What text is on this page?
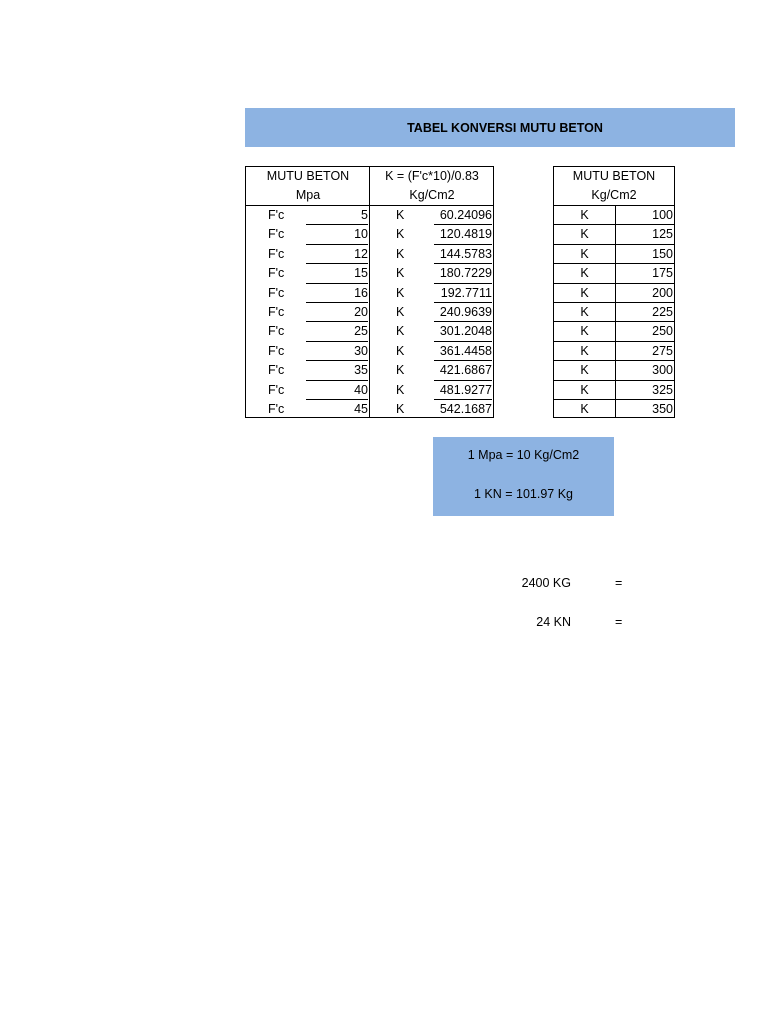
TABEL KONVERSI MUTU BETON
MUTU BETON
Mpa
K = (F'c*10)/0.83
Kg/Cm2
F'c	5 K	60.24096
F'c	10 K	120.4819
F'c	12 K	144.5783
F'c	15 K	180.7229
F'c	16 K	192.7711
F'c	20 K	240.9639
F'c	25 K	301.2048
F'c	30 K	361.4458
F'c	35 K	421.6867
F'c	40 K	481.9277
F'c	45 K	542.1687
MUTU BETON
Kg/Cm2
K	100
K	125
K	150
K	175
K	200
K	225
K	250
K	275
K	300
K	325
K	350
1 Mpa = 10 Kg/Cm2
1 KN = 101.97 Kg
2400 KG	=
24 KN	=
